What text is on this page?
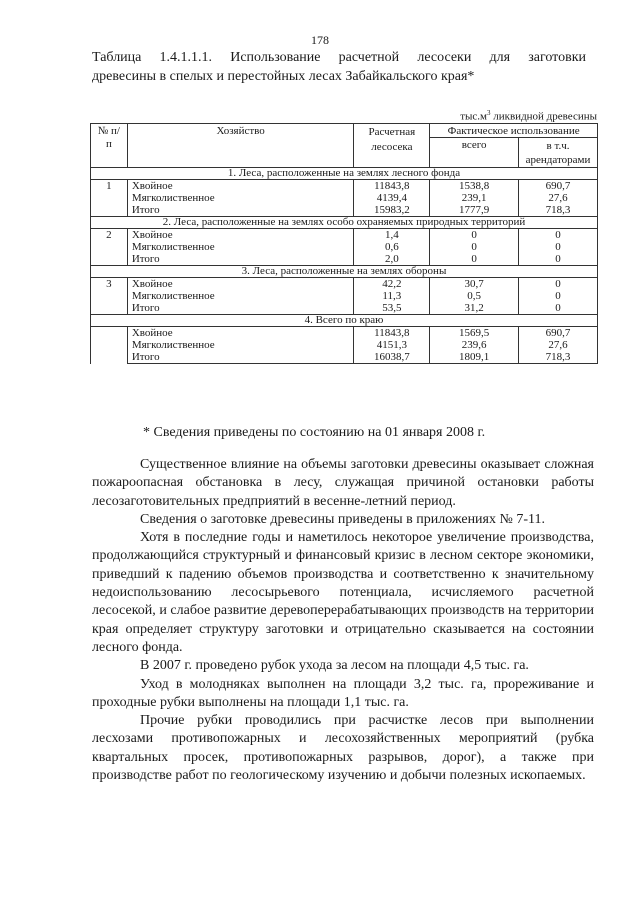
178
Таблица 1.4.1.1.1. Использование расчетной лесосеки для заготовки
древесины в спелых и перестойных лесах Забайкальского края*
$тыс.м^3$ ликвидной древесины
№ п/п	Хозяйство	Расчетная лесосека	Фактическое использование	
			всего	в т.ч. арендаторами
1. Леса, расположенные на землях лесного фонда				
1	Хвойное	11843,8	1538,8	690,7
	Мягколиственное	4139,4	239,1	27,6
	Итого	15983,2	1777,9	718,3
2. Леса, расположенные на землях особо охраняемых природных территорий				
2	Хвойное	1,4	0	0
	Мягколиственное	0,6	0	0
	Итого	2,0	0	0
3. Леса, расположенные на землях обороны				
3	Хвойное	42,2	30,7	0
	Мягколиственное	11,3	0,5	0
	Итого	53,5	31,2	0
4. Всего по краю				
	Хвойное	11843,8	1569,5	690,7
	Мягколиственное	4151,3	239,6	27,6
	Итого	16038,7	1809,1	718,3
* Сведения приведены по состоянию на 01 января 2008 г.

Существенное влияние на объемы заготовки древесины оказывает сложная пожароопасная обстановка в лесу, служащая причиной остановки работы лесозаготовительных предприятий в весенне-летний период.

Сведения о заготовке древесины приведены в приложениях № 7-11.

Хотя в последние годы и наметилось некоторое увеличение производства, продолжающийся структурный и финансовый кризис в лесном секторе экономики, приведший к падению объемов производства и соответственно к значительному недоиспользованию лесосырьевого потенциала, исчисляемого расчетной лесосекой, и слабое развитие деревоперерабатывающих производств на территории края определяет структуру заготовки и отрицательно сказывается на состоянии лесного фонда.

В 2007 г. проведено рубок ухода за лесом на площади 4,5 тыс. га.

Уход в молодняках выполнен на площади 3,2 тыс. га, прореживание и проходные рубки выполнены на площади 1,1 тыс. га.

Прочие рубки проводились при расчистке лесов при выполнении лесхозами противопожарных и лесохозяйственных мероприятий (рубка квартальных просек, противопожарных разрывов, дорог), а также при производстве работ по геологическому изучению и добычи полезных ископаемых.
